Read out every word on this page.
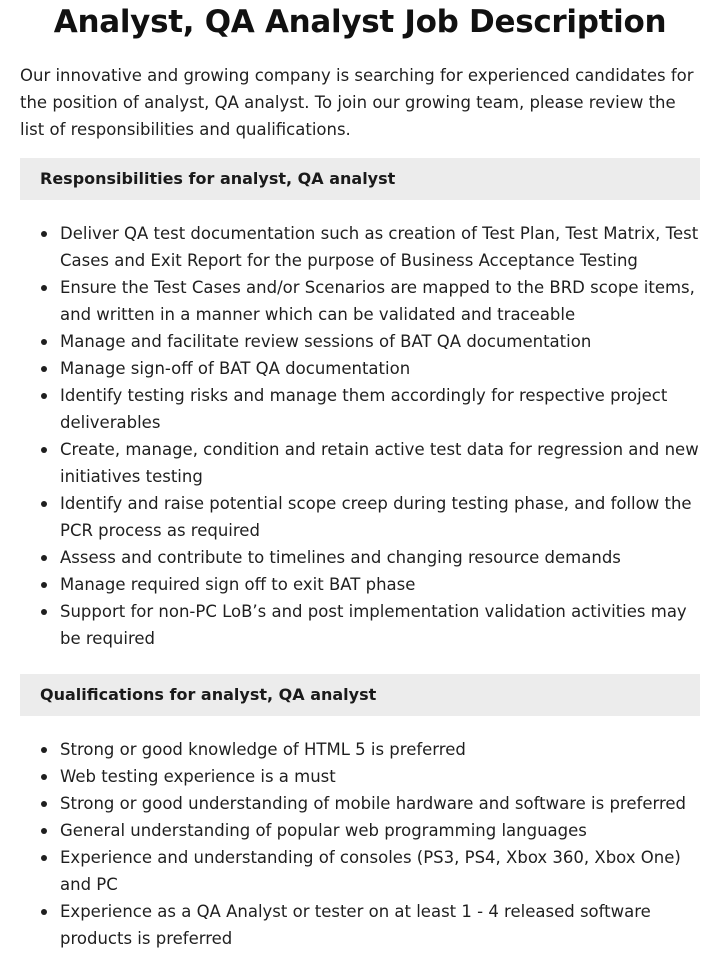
Analyst, QA Analyst Job Description

Our innovative and growing company is searching for experienced candidates for the position of analyst, QA analyst. To join our growing team, please review the list of responsibilities and qualifications.

Responsibilities for analyst, QA analyst
Deliver QA test documentation such as creation of Test Plan, Test Matrix, Test Cases and Exit Report for the purpose of Business Acceptance Testing
Ensure the Test Cases and/or Scenarios are mapped to the BRD scope items, and written in a manner which can be validated and traceable
Manage and facilitate review sessions of BAT QA documentation
Manage sign-off of BAT QA documentation
Identify testing risks and manage them accordingly for respective project deliverables
Create, manage, condition and retain active test data for regression and new initiatives testing
Identify and raise potential scope creep during testing phase, and follow the PCR process as required
Assess and contribute to timelines and changing resource demands
Manage required sign off to exit BAT phase
Support for non-PC LoB’s and post implementation validation activities may be required
Qualifications for analyst, QA analyst
Strong or good knowledge of HTML 5 is preferred
Web testing experience is a must
Strong or good understanding of mobile hardware and software is preferred
General understanding of popular web programming languages
Experience and understanding of consoles (PS3, PS4, Xbox 360, Xbox One) and PC
Experience as a QA Analyst or tester on at least 1 - 4 released software products is preferred
